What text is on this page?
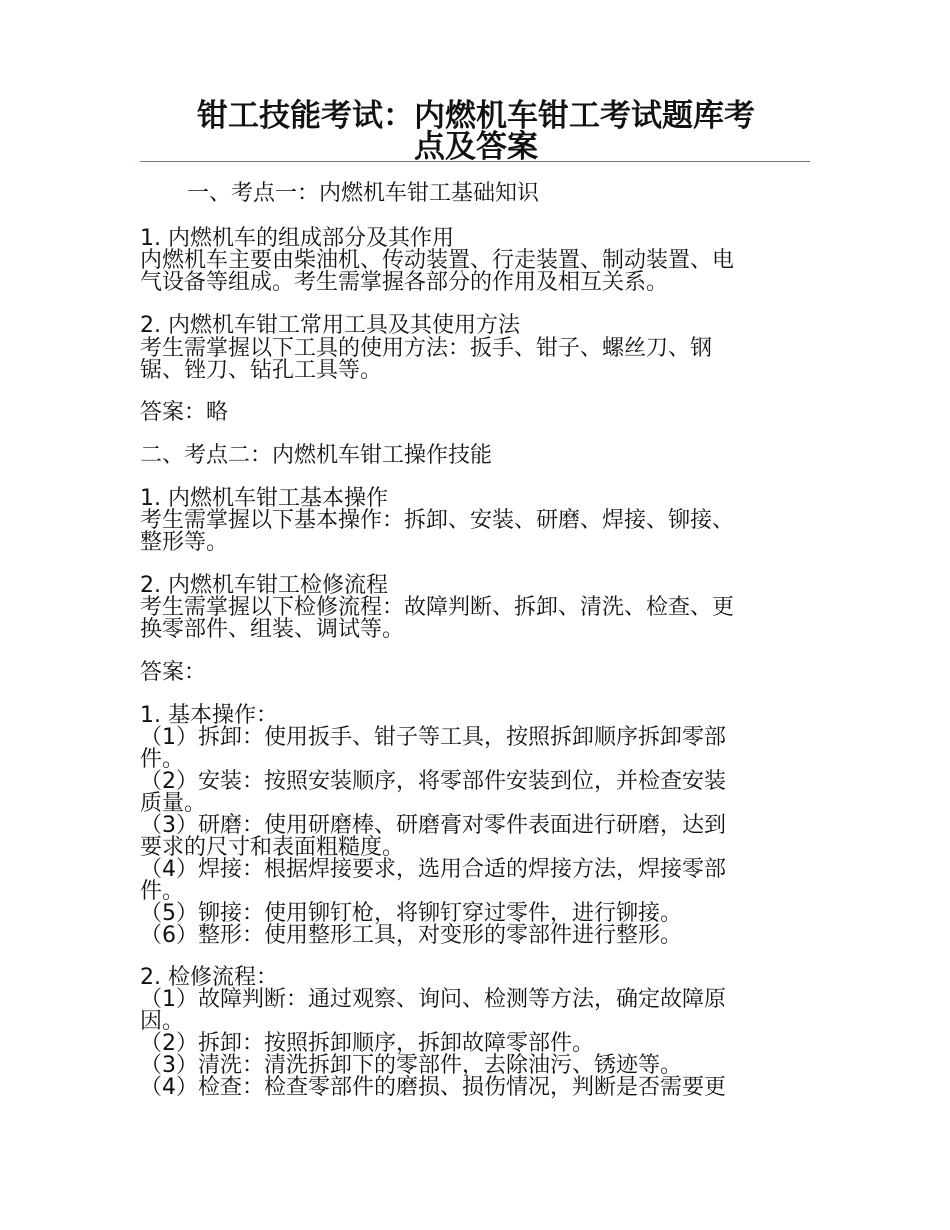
钳工技能考试：内燃机车钳工考试题库考
点及答案

一、考点一：内燃机车钳工基础知识

1. 内燃机车的组成部分及其作用

内燃机车主要由柴油机、传动装置、行走装置、制动装置、电

气设备等组成。考生需掌握各部分的作用及相互关系。

2. 内燃机车钳工常用工具及其使用方法

考生需掌握以下工具的使用方法：扳手、钳子、螺丝刀、钢

锯、锉刀、钻孔工具等。

答案：略

二、考点二：内燃机车钳工操作技能

1. 内燃机车钳工基本操作

考生需掌握以下基本操作：拆卸、安装、研磨、焊接、铆接、

整形等。

2. 内燃机车钳工检修流程

考生需掌握以下检修流程：故障判断、拆卸、清洗、检查、更

换零部件、组装、调试等。

答案：

1. 基本操作：

（1）拆卸：使用扳手、钳子等工具，按照拆卸顺序拆卸零部

件。

（2）安装：按照安装顺序，将零部件安装到位，并检查安装

质量。

（3）研磨：使用研磨棒、研磨膏对零件表面进行研磨，达到

要求的尺寸和表面粗糙度。

（4）焊接：根据焊接要求，选用合适的焊接方法，焊接零部

件。

（5）铆接：使用铆钉枪，将铆钉穿过零件，进行铆接。

（6）整形：使用整形工具，对变形的零部件进行整形。

2. 检修流程：

（1）故障判断：通过观察、询问、检测等方法，确定故障原

因。

（2）拆卸：按照拆卸顺序，拆卸故障零部件。

（3）清洗：清洗拆卸下的零部件，去除油污、锈迹等。

（4）检查：检查零部件的磨损、损伤情况，判断是否需要更
